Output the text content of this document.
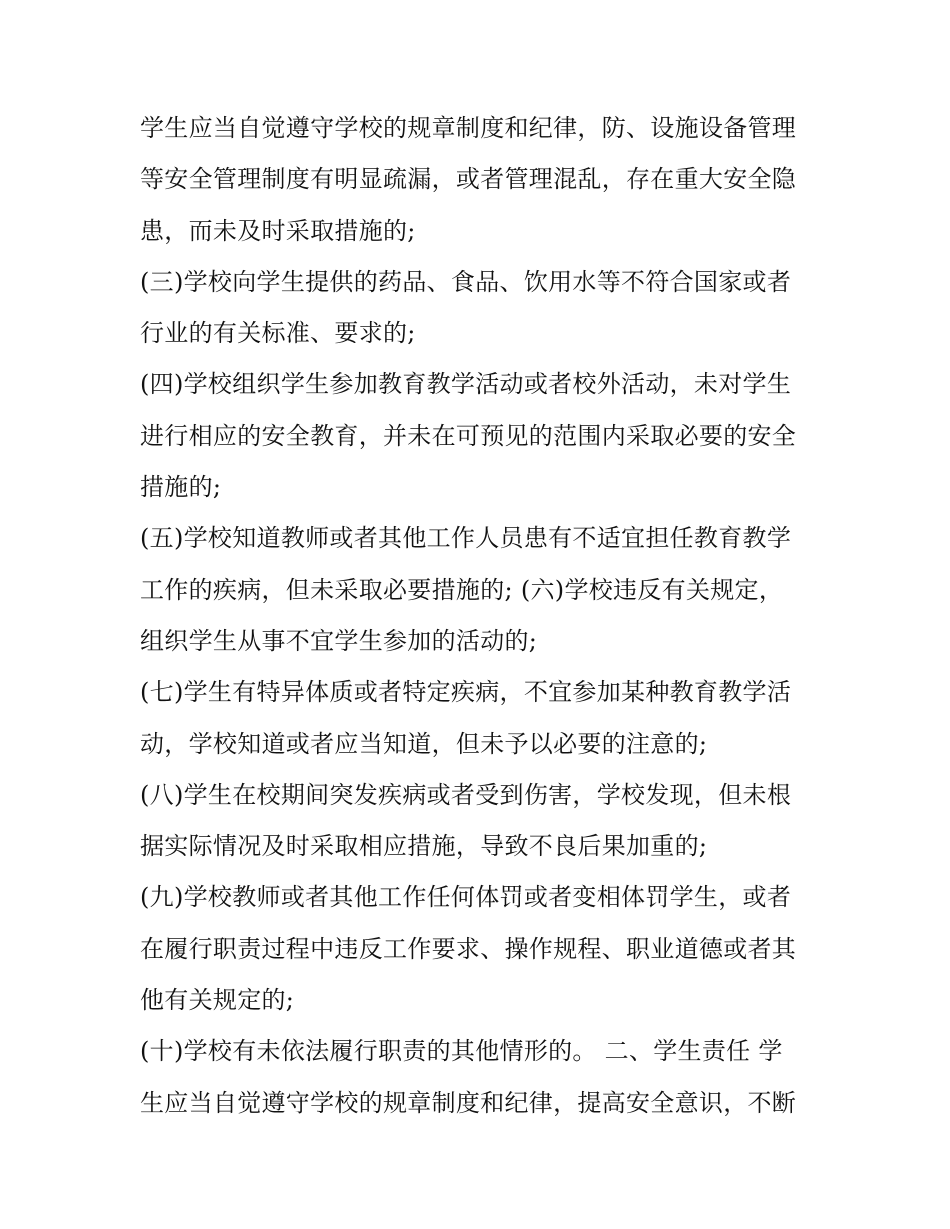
学生应当自觉遵守学校的规章制度和纪律，防、设施设备管理
等安全管理制度有明显疏漏，或者管理混乱，存在重大安全隐
患，而未及时采取措施的;
(三)学校向学生提供的药品、食品、饮用水等不符合国家或者
行业的有关标准、要求的;
(四)学校组织学生参加教育教学活动或者校外活动，未对学生
进行相应的安全教育，并未在可预见的范围内采取必要的安全
措施的;
(五)学校知道教师或者其他工作人员患有不适宜担任教育教学
工作的疾病，但未采取必要措施的; (六)学校违反有关规定，
组织学生从事不宜学生参加的活动的;
(七)学生有特异体质或者特定疾病，不宜参加某种教育教学活
动，学校知道或者应当知道，但未予以必要的注意的;
(八)学生在校期间突发疾病或者受到伤害，学校发现，但未根
据实际情况及时采取相应措施，导致不良后果加重的;
(九)学校教师或者其他工作任何体罚或者变相体罚学生，或者
在履行职责过程中违反工作要求、操作规程、职业道德或者其
他有关规定的;
(十)学校有未依法履行职责的其他情形的。 二、学生责任 学
生应当自觉遵守学校的规章制度和纪律，提高安全意识，不断
